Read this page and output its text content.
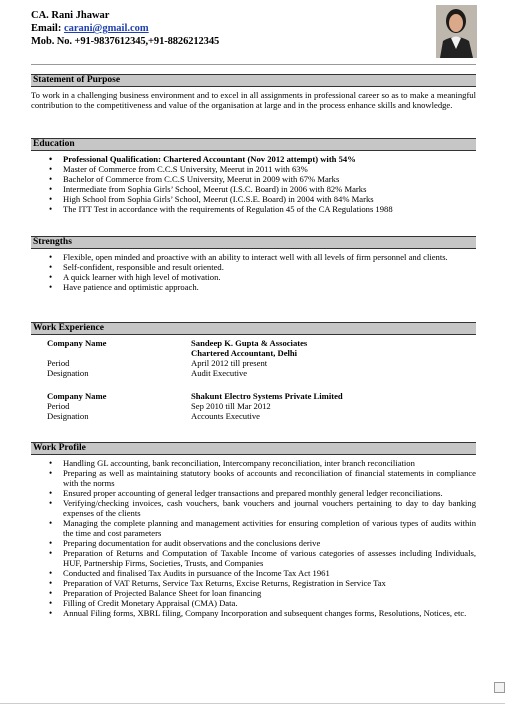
CA. Rani Jhawar
Email: carani@gmail.com
Mob. No. +91-9837612345,+91-8826212345
Statement of Purpose

To work in a challenging business environment and to excel in all assignments in professional career so as to make a meaningful contribution to the competitiveness and value of the organisation at large and in the process enhance skills and knowledge.

Education
• Professional Qualification: Chartered Accountant (Nov 2012 attempt) with 54%
• Master of Commerce from C.C.S University, Meerut in 2011 with 63%
• Bachelor of Commerce from C.C.S University, Meerut in 2009 with 67% Marks
• Intermediate from Sophia Girls’ School, Meerut (I.S.C. Board) in 2006 with 82% Marks
• High School from Sophia Girls’ School, Meerut (I.C.S.E. Board) in 2004 with 84% Marks
• The ITT Test in accordance with the requirements of Regulation 45 of the CA Regulations 1988
Strengths
• Flexible, open minded and proactive with an ability to interact well with all levels of firm personnel and clients.
• Self-confident, responsible and result oriented.
• A quick learner with high level of motivation.
• Have patience and optimistic approach.
Work Experience
Company Name	Sandeep K. Gupta & Associates
Chartered Accountant, Delhi
Period	April 2012 till present
Designation	Audit Executive
Company Name	Shakunt Electro Systems Private Limited
Period	Sep 2010 till Mar 2012
Designation	Accounts Executive
Work Profile
• Handling GL accounting, bank reconciliation, Intercompany reconciliation, inter branch reconciliation
• Preparing as well as maintaining statutory books of accounts and reconciliation of financial statements in compliance with the norms
• Ensured proper accounting of general ledger transactions and prepared monthly general ledger reconciliations.
• Verifying/checking invoices, cash vouchers, bank vouchers and journal vouchers pertaining to day to day banking expenses of the clients
• Managing the complete planning and management activities for ensuring completion of various types of audits within the time and cost parameters
• Preparing documentation for audit observations and the conclusions derive
• Preparation of Returns and Computation of Taxable Income of various categories of assesses including Individuals, HUF, Partnership Firms, Societies, Trusts, and Companies
• Conducted and finalised Tax Audits in pursuance of the Income Tax Act 1961
• Preparation of VAT Returns, Service Tax Returns, Excise Returns, Registration in Service Tax
• Preparation of Projected Balance Sheet for loan financing
• Filling of Credit Monetary Appraisal (CMA) Data.
• Annual Filing forms, XBRL filing, Company Incorporation and subsequent changes forms, Resolutions, Notices, etc.
